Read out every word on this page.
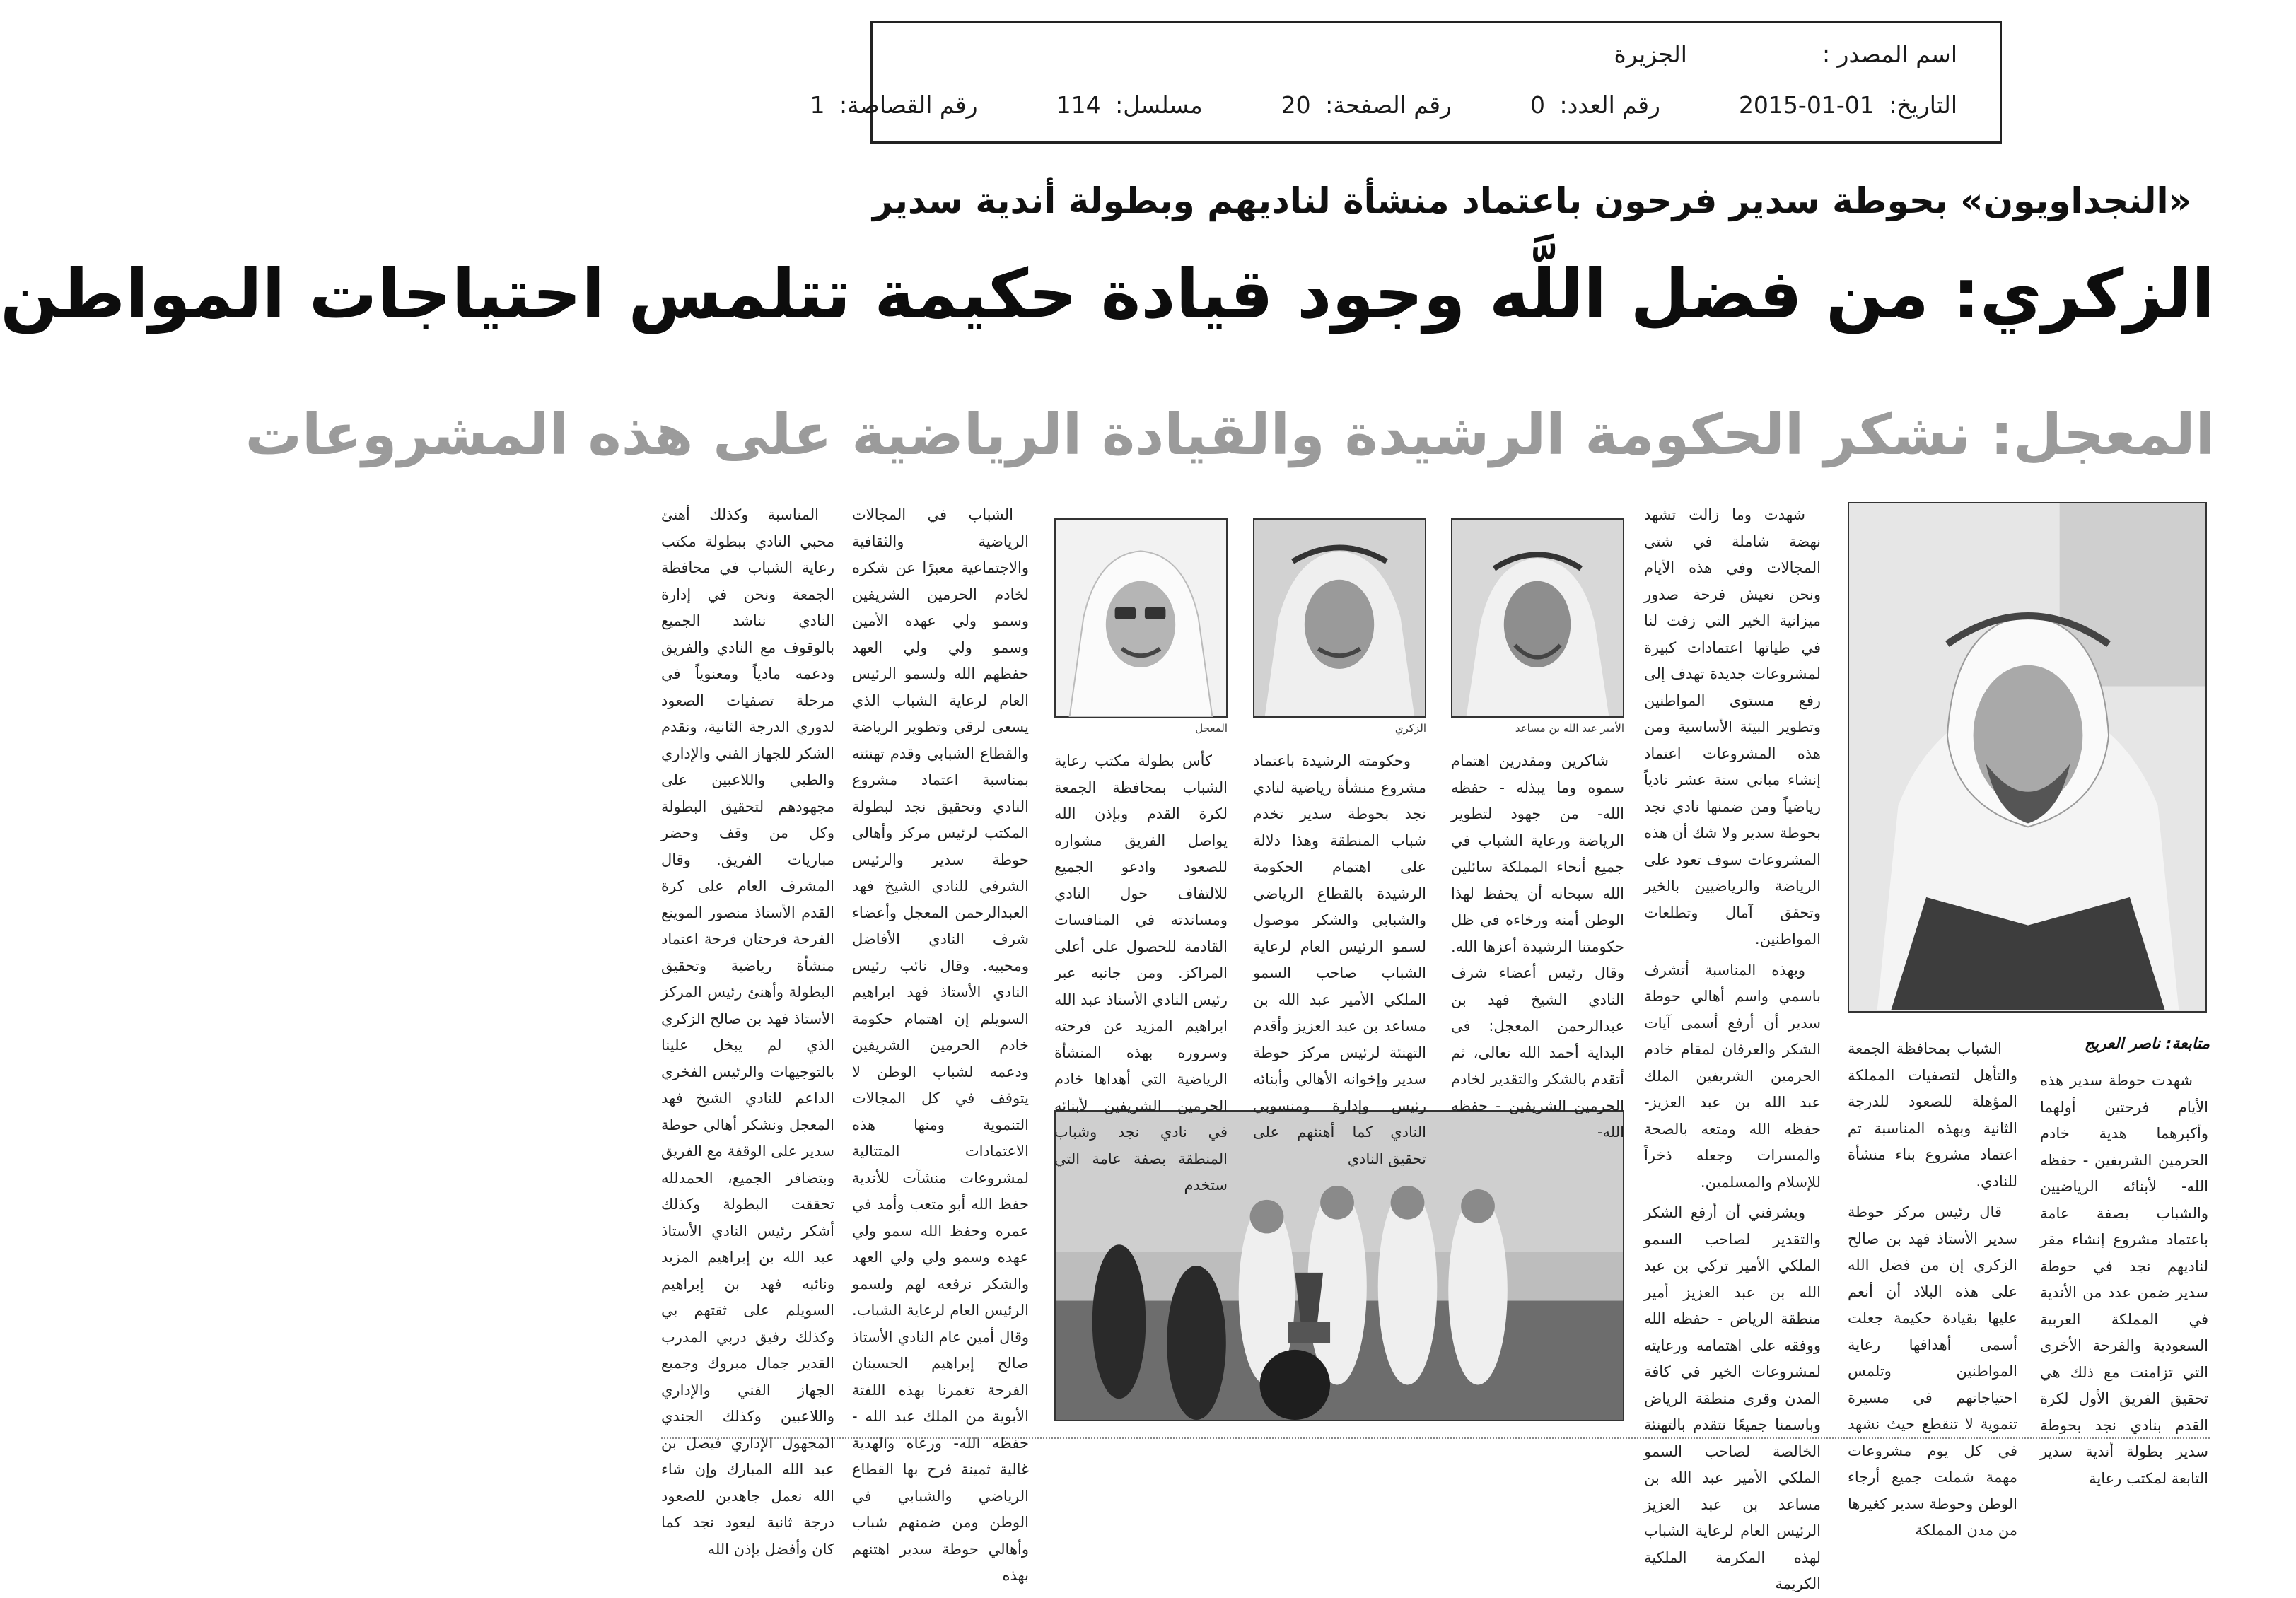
اسم المصدر :  الجزيرة
التاريخ: 2015-01-01  رقم العدد: 0  رقم الصفحة: 20  مسلسل: 114  رقم القصاصة: 1
«النجداويون» بحوطة سدير فرحون باعتماد منشأة لناديهم وبطولة أندية سدير
الزكري: من فضل اللَّه وجود قيادة حكيمة تتلمس احتياجات المواطن
المعجل: نشكر الحكومة الرشيدة والقيادة الرياضية على هذه المشروعات
الأمير عبد الله بن مساعد
الزكري
المعجل
متابعة: ناصر العريج

شهدت وما زالت تشهد نهضة شاملة في شتى المجالات وفي هذه الأيام ونحن نعيش فرحة صدور ميزانية الخير التي زفت لنا في طياتها اعتمادات كبيرة لمشروعات جديدة تهدف إلى رفع مستوى المواطنين وتطوير البيئة الأساسية ومن هذه المشروعات اعتماد إنشاء مباني ستة عشر نادياً رياضياً ومن ضمنها نادي نجد بحوطة سدير ولا شك أن هذه المشروعات سوف تعود على الرياضة والرياضيين بالخير وتحقق آمال وتطلعات المواطنين.

وبهذه المناسبة أتشرف باسمي واسم أهالي حوطة سدير أن أرفع أسمى آيات الشكر والعرفان لمقام خادم الحرمين الشريفين الملك عبد الله بن عبد العزيز- حفظه الله ومتعه بالصحة والمسرات وجعله ذخراً للإسلام والمسلمين.

ويشرفني أن أرفع الشكر والتقدير لصاحب السمو الملكي الأمير تركي بن عبد الله بن عبد العزيز أمير منطقة الرياض - حفظه الله ووفقه على اهتمامه ورعايته لمشروعات الخير في كافة المدن وقرى منطقة الرياض وباسمنا جميعًا نتقدم بالتهنئة الخالصة لصاحب السمو الملكي الأمير عبد الله بن مساعد بن عبد العزيز الرئيس العام لرعاية الشباب لهذه المكرمة الملكية الكريمة

الشباب بمحافظة الجمعة والتأهل لتصفيات المملكة المؤهلة للصعود للدرجة الثانية وبهذه المناسبة تم اعتماد مشروع بناء منشأة للنادي.

قال رئيس مركز حوطة سدير الأستاذ فهد بن صالح الزكري إن من فضل الله على هذه البلاد أن أنعم عليها بقيادة حكيمة جعلت أسمى أهدافها رعاية المواطنين وتلمس احتياجاتهم في مسيرة تنموية لا تنقطع حيث نشهد في كل يوم مشروعات مهمة شملت جميع أرجاء الوطن وحوطة سدير كغيرها من مدن المملكة

شهدت حوطة سدير هذه الأيام فرحتين أولهما وأكبرهما هدية خادم الحرمين الشريفين - حفظه الله- لأبنائه الرياضيين والشباب بصفة عامة باعتماد مشروع إنشاء مقر لناديهم نجد في حوطة سدير ضمن عدد من الأندية في المملكة العربية السعودية والفرحة الأخرى التي تزامنت مع ذلك هي تحقيق الفريق الأول لكرة القدم بنادي نجد بحوطة سدير بطولة أندية سدير التابعة لمكتب رعاية

شاكرين ومقدرين اهتمام سموه وما يبذله - حفظه الله- من جهود لتطوير الرياضة ورعاية الشباب في جميع أنحاء المملكة سائلين الله سبحانه أن يحفظ لهذا الوطن أمنه ورخاءه في ظل حكومتنا الرشيدة أعزها الله. وقال رئيس أعضاء شرف النادي الشيخ فهد بن عبدالرحمن المعجل: في البداية أحمد الله تعالى، ثم أتقدم بالشكر والتقدير لخادم الحرمين الشريفين - حفظه الله-

وحكومته الرشيدة باعتماد مشروع منشأة رياضية لنادي نجد بحوطة سدير تخدم شباب المنطقة وهذا دلالة على اهتمام الحكومة الرشيدة بالقطاع الرياضي والشبابي والشكر موصول لسمو الرئيس العام لرعاية الشباب صاحب السمو الملكي الأمير عبد الله بن مساعد بن عبد العزيز وأقدم التهنئة لرئيس مركز حوطة سدير وإخوانه الأهالي وأبنائه رئيس وإدارة ومنسوبي النادي كما أهنئهم على تحقيق النادي

كأس بطولة مكتب رعاية الشباب بمحافظة الجمعة لكرة القدم وبإذن الله يواصل الفريق مشواره للصعود وادعو الجميع للالتفاف حول النادي ومساندته في المنافسات القادمة للحصول على أعلى المراكز. ومن جانبه عبر رئيس النادي الأستاذ عبد الله ابراهيم المزيد عن فرحته وسروره بهذه المنشأة الرياضية التي أهداها خادم الحرمين الشريفين لأبنائه في نادي نجد وشباب المنطقة بصفة عامة التي ستخدم

الشباب في المجالات الرياضية والثقافية والاجتماعية معبرًا عن شكره لخادم الحرمين الشريفين وسمو ولي عهده الأمين وسمو ولي ولي العهد حفظهم الله ولسمو الرئيس العام لرعاية الشباب الذي يسعى لرقي وتطوير الرياضة والقطاع الشبابي وقدم تهنئته بمناسبة اعتماد مشروع النادي وتحقيق نجد لبطولة المكتب لرئيس مركز وأهالي حوطة سدير والرئيس الشرفي للنادي الشيخ فهد العبدالرحمن المعجل وأعضاء شرف النادي الأفاضل ومحبيه. وقال نائب رئيس النادي الأستاذ فهد ابراهيم السويلم إن اهتمام حكومة خادم الحرمين الشريفين ودعمه لشباب الوطن لا يتوقف في كل المجالات التنموية ومنها هذه الاعتمادات المتتالية لمشروعات منشآت للأندية حفظ الله أبو متعب وأمد في عمره وحفظ الله سمو ولي عهده وسمو ولي ولي العهد والشكر نرفعه لهم ولسمو الرئيس العام لرعاية الشباب. وقال أمين عام النادي الأستاذ صالح إبراهيم الحسينان الفرحة تغمرنا بهذه اللفتة الأبوية من الملك عبد الله - حفظه الله- ورعاه والهدية غالية ثمينة فرح بها القطاع الرياضي والشبابي في الوطن ومن ضمنهم شباب وأهالي حوطة سدير اهتنهم بهذه

المناسبة وكذلك أهنئ محبي النادي ببطولة مكتب رعاية الشباب في محافظة الجمعة ونحن في إدارة النادي نناشد الجميع بالوقوف مع النادي والفريق ودعمه مادياً ومعنوياً في مرحلة تصفيات الصعود لدوري الدرجة الثانية، ونقدم الشكر للجهاز الفني والإداري والطبي واللاعبين على مجهودهم لتحقيق البطولة وكل من وقف وحضر مباريات الفريق. وقال المشرف العام على كرة القدم الأستاذ منصور الموينع الفرحة فرحتان فرحة اعتماد منشأة رياضية وتحقيق البطولة وأهنئ رئيس المركز الأستاذ فهد بن صالح الزكري الذي لم يبخل علينا بالتوجيهات والرئيس الفخري الداعم للنادي الشيخ فهد المعجل ونشكر أهالي حوطة سدير على الوقفة مع الفريق وبتضافر الجميع، الحمدلله تحققت البطولة وكذلك أشكر رئيس النادي الأستاذ عبد الله بن إبراهيم المزيد ونائبه فهد بن إبراهيم السويلم على ثقتهم بي وكذلك رفيق دربي المدرب القدير جمال مبروك وجميع الجهاز الفني والإداري واللاعبين وكذلك الجندي المجهول الإداري فيصل بن عبد الله المبارك وإن شاء الله نعمل جاهدين للصعود درجة ثانية ليعود نجد كما كان وأفضل بإذن الله
